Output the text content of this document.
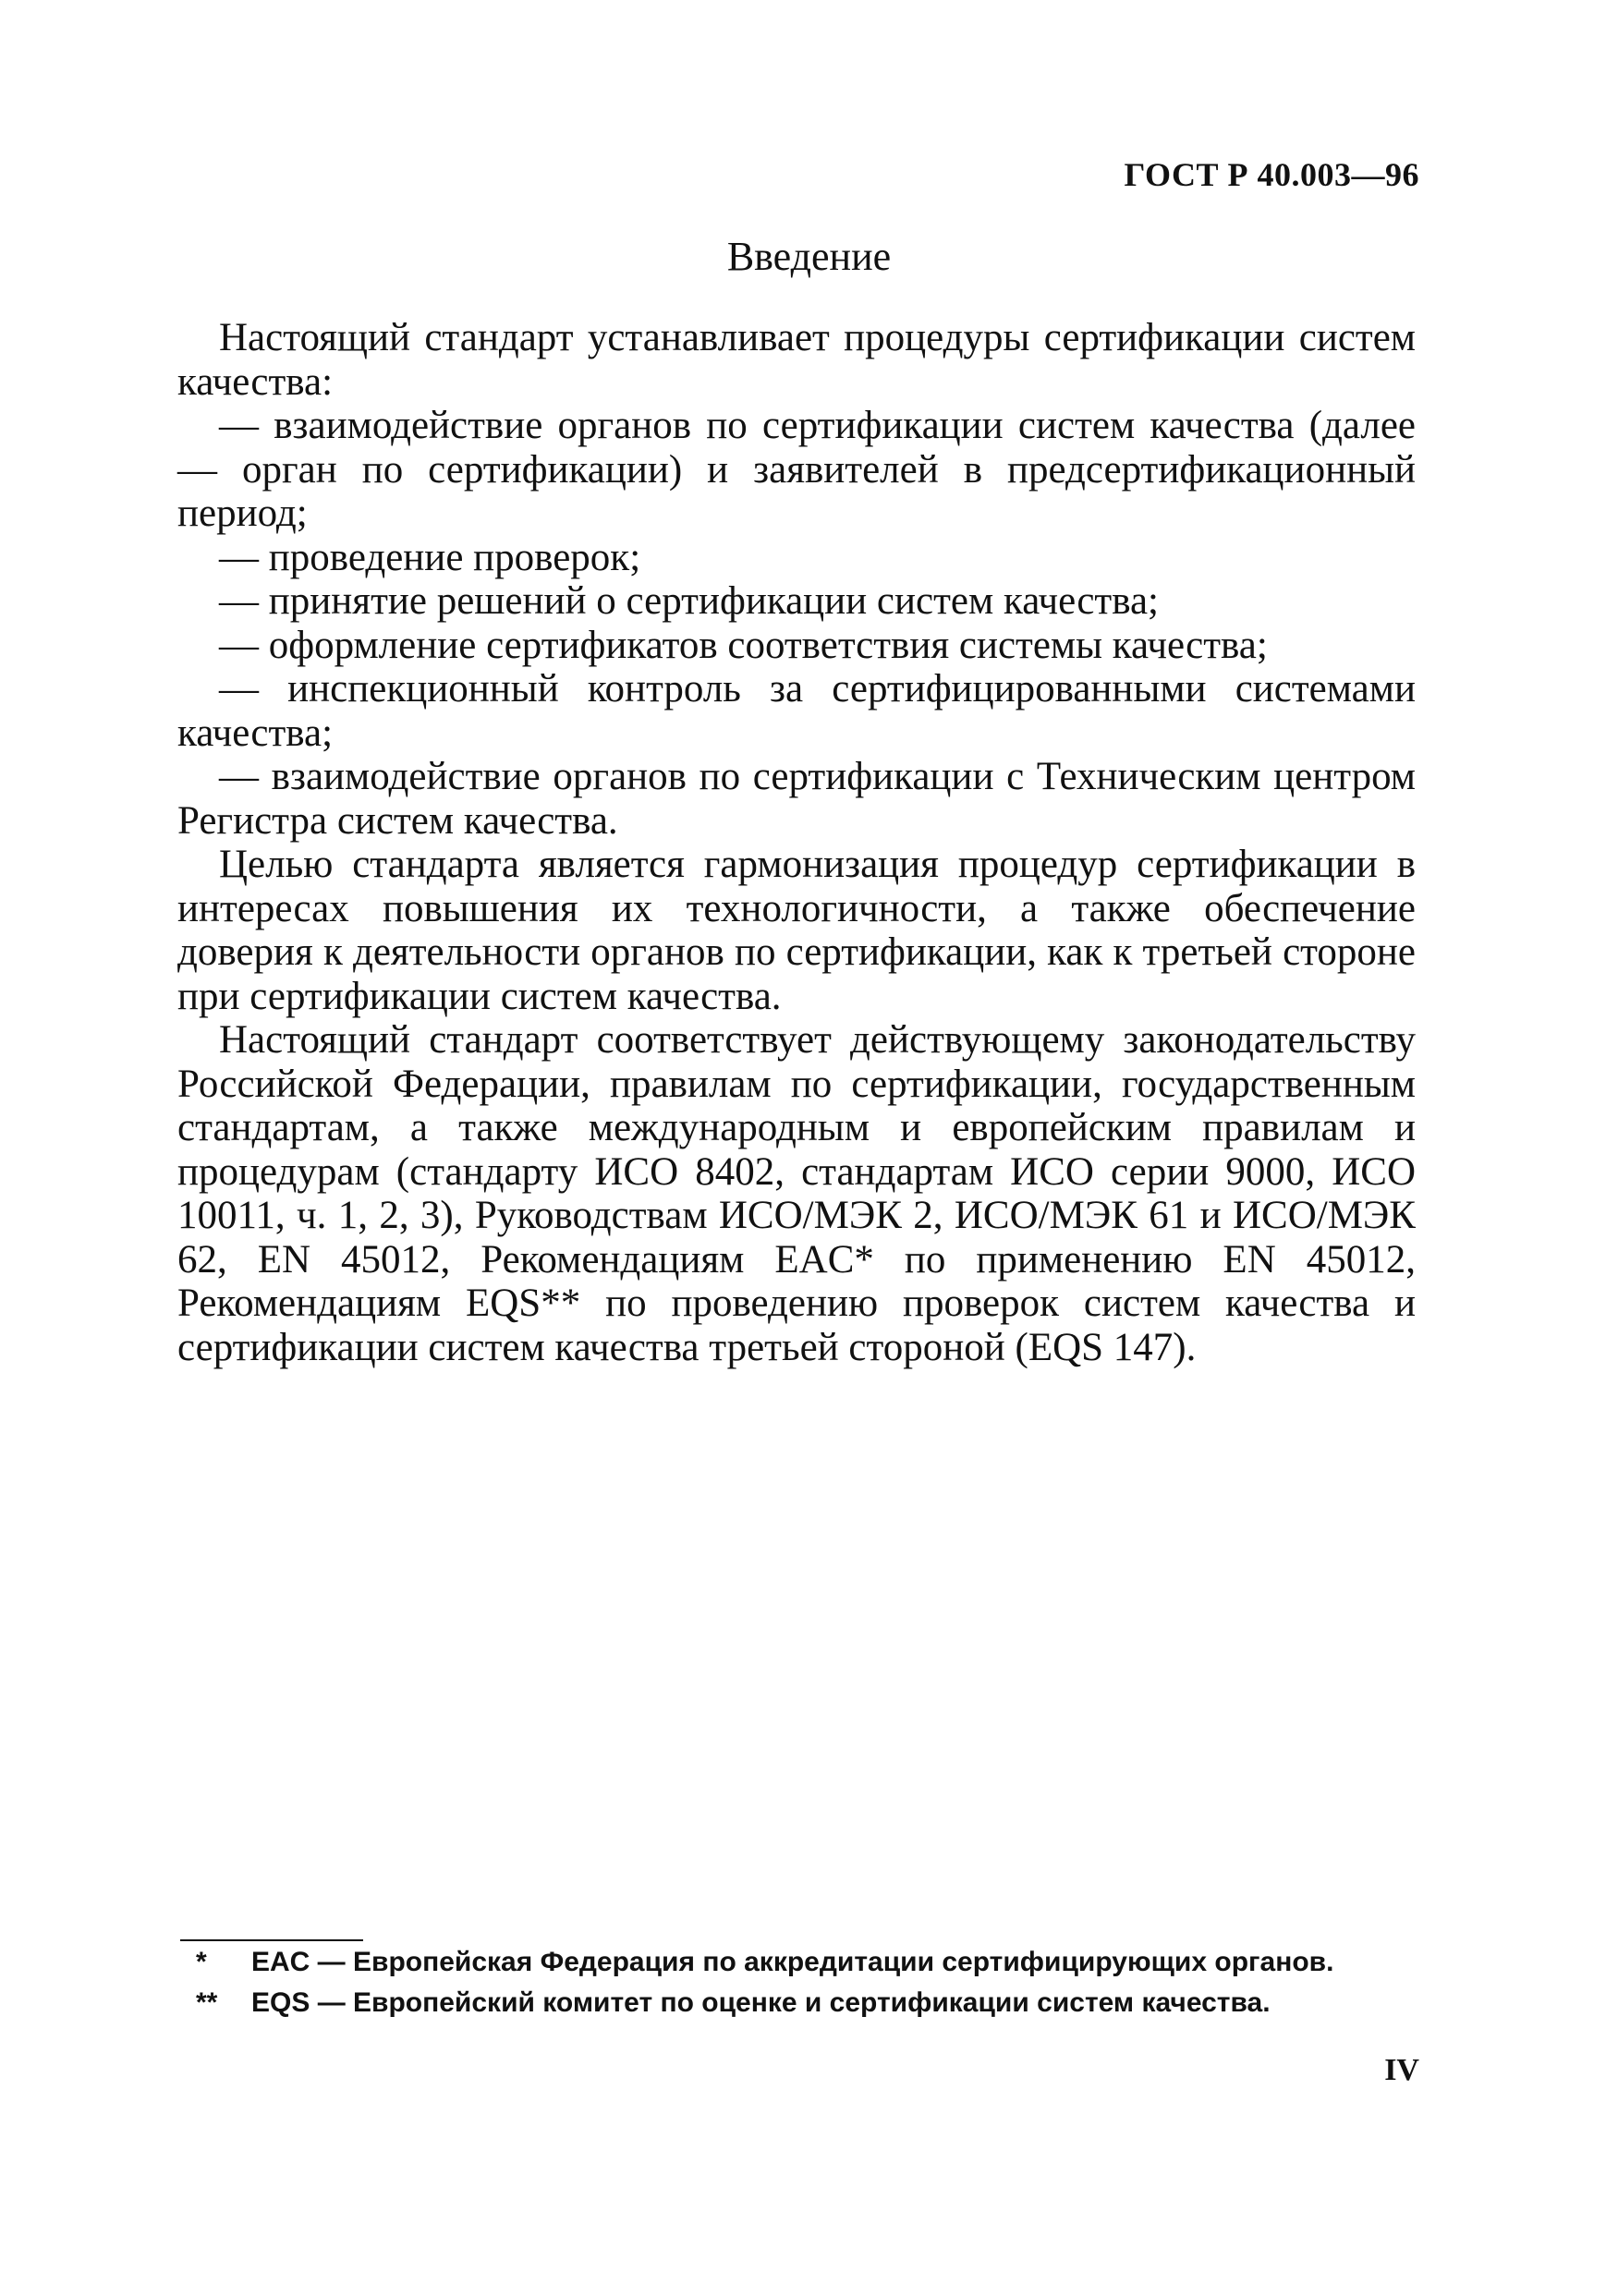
ГОСТ Р 40.003—96
Введение

Настоящий стандарт устанавливает процедуры сертификации систем качества:

— взаимодействие органов по сертификации систем качества (далее — орган по сертификации) и заявителей в предсертификационный период;

— проведение проверок;

— принятие решений о сертификации систем качества;

— оформление сертификатов соответствия системы качества;

— инспекционный контроль за сертифицированными системами качества;

— взаимодействие органов по сертификации с Техническим центром Регистра систем качества.

Целью стандарта является гармонизация процедур сертификации в интересах повышения их технологичности, а также обеспечение доверия к деятельности органов по сертификации, как к третьей стороне при сертификации систем качества.

Настоящий стандарт соответствует действующему законодательству Российской Федерации, правилам по сертификации, государственным стандартам, а также международным и европейским правилам и процедурам (стандарту ИСО 8402, стандартам ИСО серии 9000, ИСО 10011, ч. 1, 2, 3), Руководствам ИСО/МЭК 2, ИСО/МЭК 61 и ИСО/МЭК 62, EN 45012, Рекомендациям EAC* по применению EN 45012, Рекомендациям EQS** по проведению проверок систем качества и сертификации систем качества третьей стороной (EQS 147).

* EAC — Европейская Федерация по аккредитации сертифицирующих органов.
** EQS — Европейский комитет по оценке и сертификации систем качества.
IV
